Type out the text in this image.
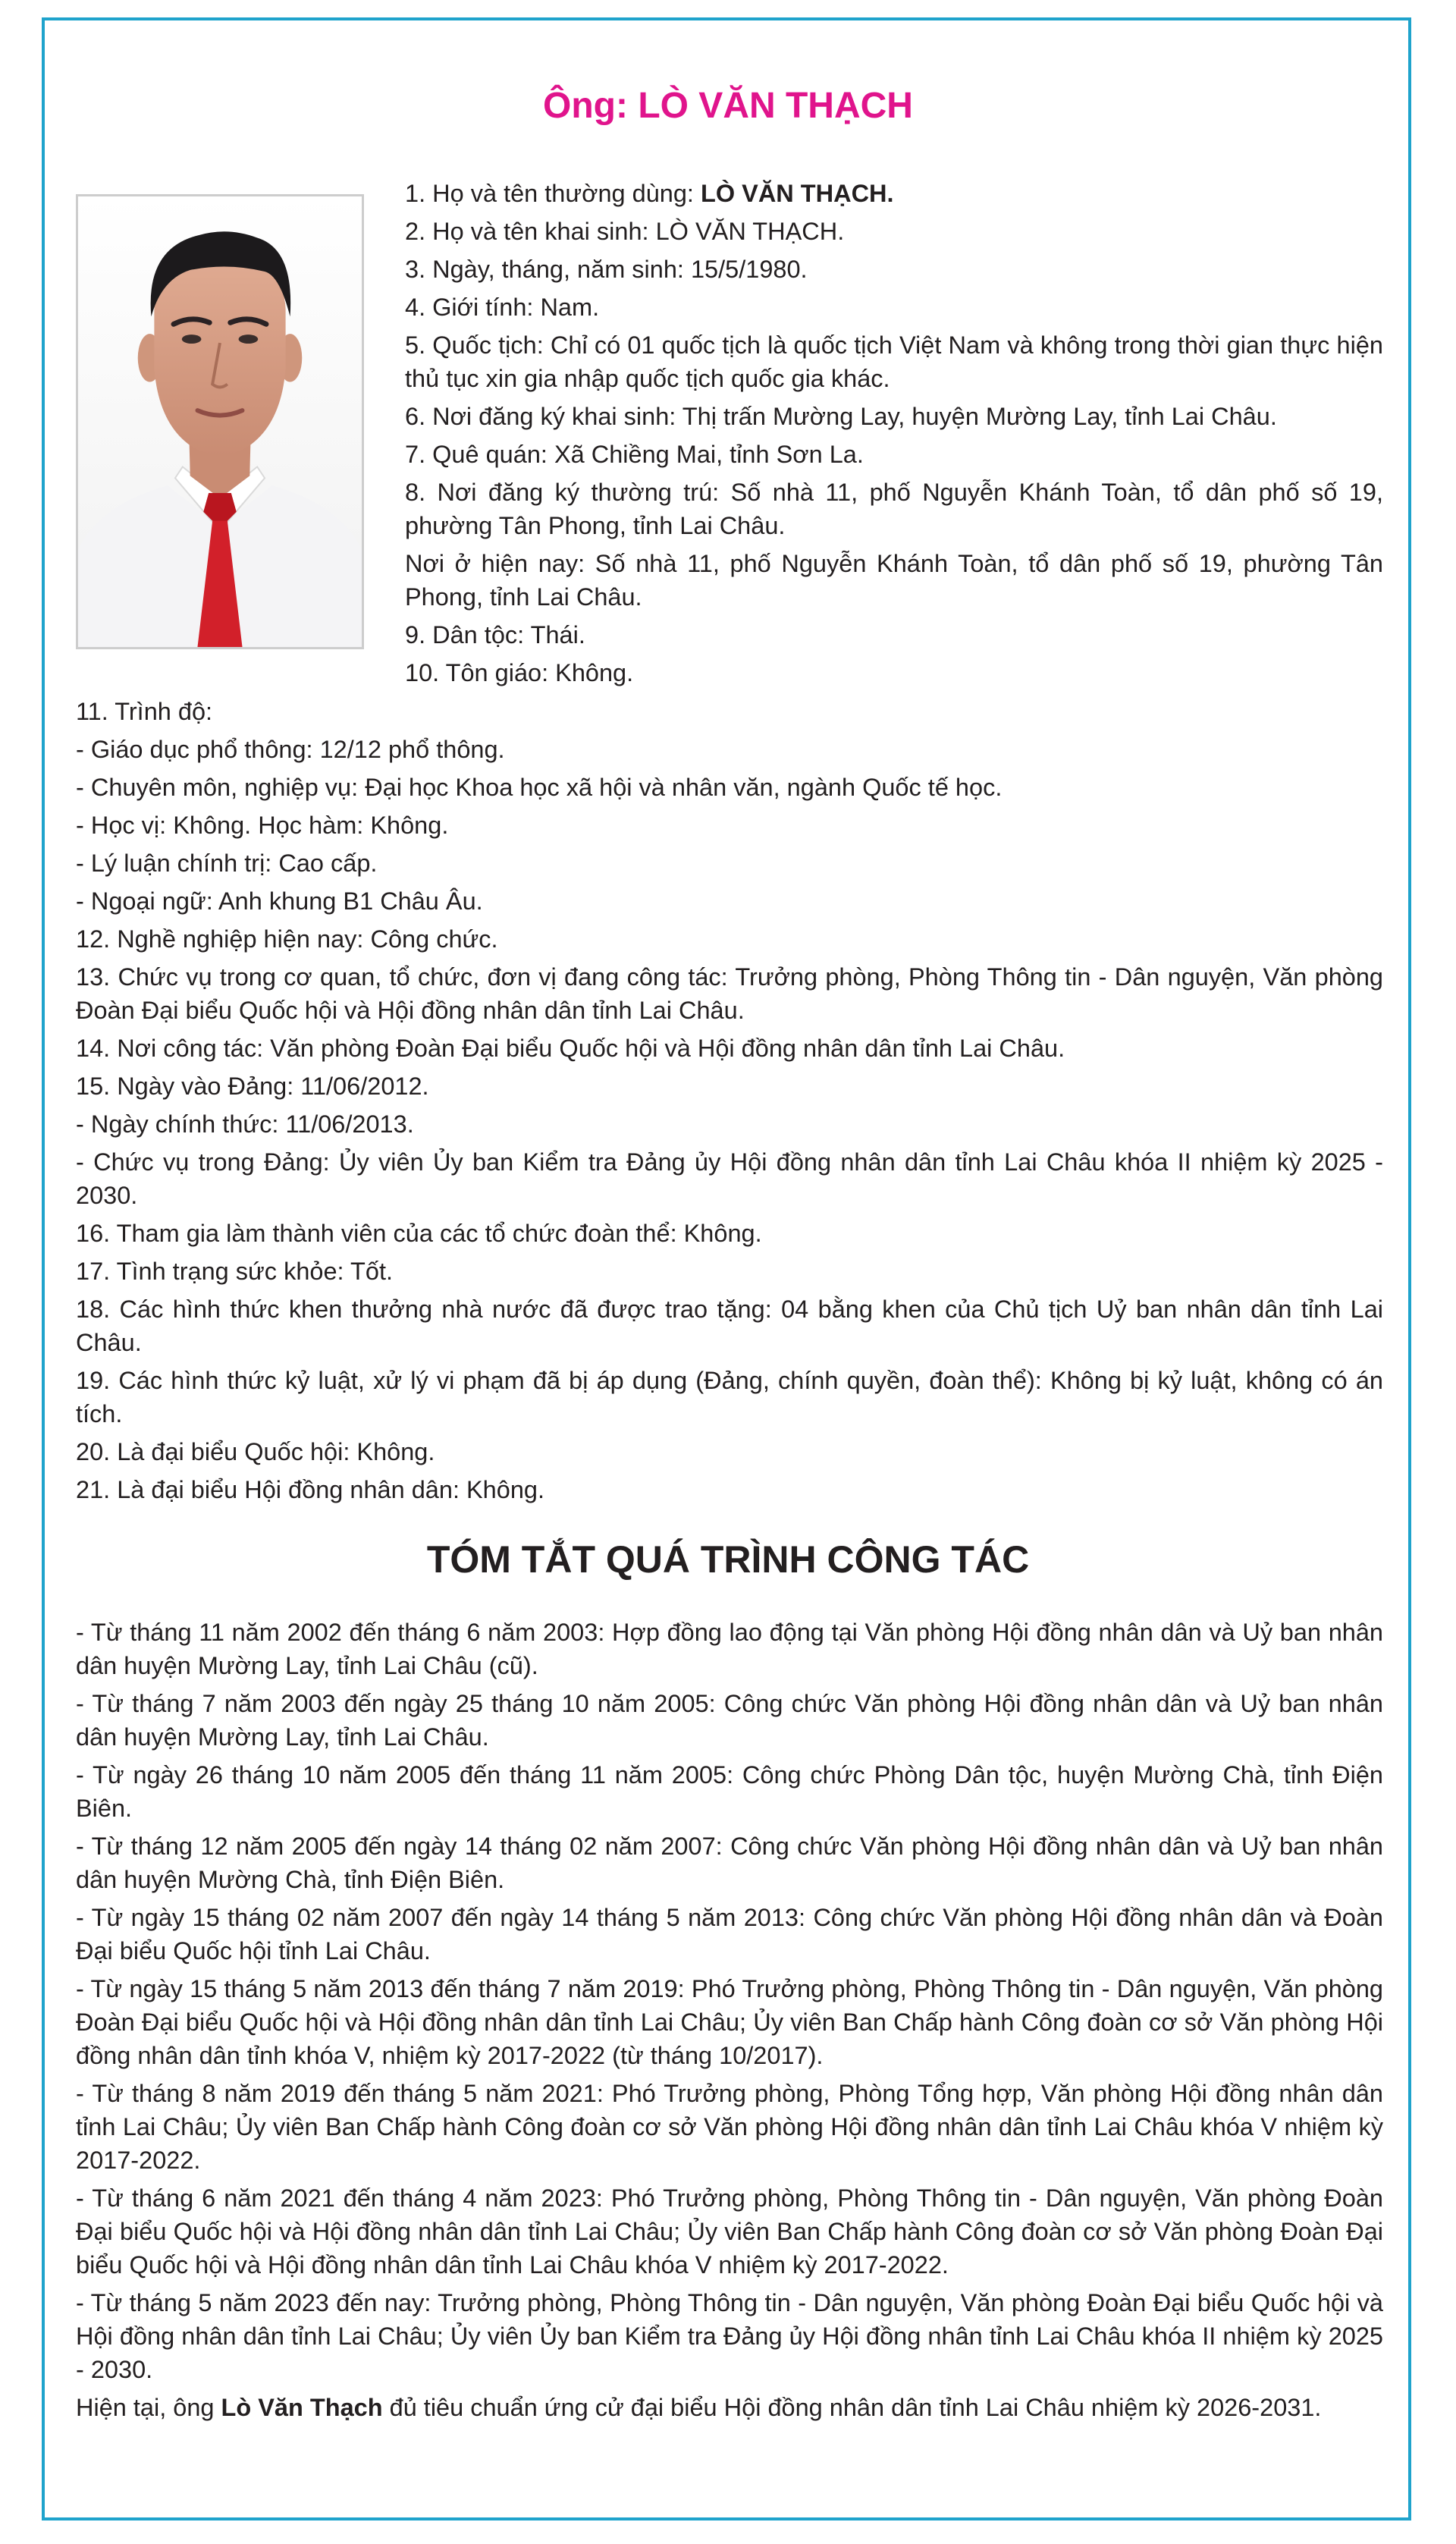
Ông: LÒ VĂN THẠCH
1. Họ và tên thường dùng: LÒ VĂN THẠCH.
2. Họ và tên khai sinh: LÒ VĂN THẠCH.
3. Ngày, tháng, năm sinh: 15/5/1980.
4. Giới tính: Nam.
5. Quốc tịch: Chỉ có 01 quốc tịch là quốc tịch Việt Nam và không trong thời gian thực hiện thủ tục xin gia nhập quốc tịch quốc gia khác.
6. Nơi đăng ký khai sinh: Thị trấn Mường Lay, huyện Mường Lay, tỉnh Lai Châu.
7. Quê quán: Xã Chiềng Mai, tỉnh Sơn La.
8. Nơi đăng ký thường trú: Số nhà 11, phố Nguyễn Khánh Toàn, tổ dân phố số 19, phường Tân Phong, tỉnh Lai Châu.
Nơi ở hiện nay: Số nhà 11, phố Nguyễn Khánh Toàn, tổ dân phố số 19, phường Tân Phong, tỉnh Lai Châu.
9. Dân tộc: Thái.
10. Tôn giáo: Không.
11. Trình độ:
- Giáo dục phổ thông: 12/12 phổ thông.
- Chuyên môn, nghiệp vụ: Đại học Khoa học xã hội và nhân văn, ngành Quốc tế học.
- Học vị: Không. Học hàm: Không.
- Lý luận chính trị: Cao cấp.
- Ngoại ngữ: Anh khung B1 Châu Âu.
12. Nghề nghiệp hiện nay: Công chức.
13. Chức vụ trong cơ quan, tổ chức, đơn vị đang công tác: Trưởng phòng, Phòng Thông tin - Dân nguyện, Văn phòng Đoàn Đại biểu Quốc hội và Hội đồng nhân dân tỉnh Lai Châu.
14. Nơi công tác: Văn phòng Đoàn Đại biểu Quốc hội và Hội đồng nhân dân tỉnh Lai Châu.
15. Ngày vào Đảng: 11/06/2012.
- Ngày chính thức: 11/06/2013.
- Chức vụ trong Đảng: Ủy viên Ủy ban Kiểm tra Đảng ủy Hội đồng nhân dân tỉnh Lai Châu khóa II nhiệm kỳ 2025 - 2030.
16. Tham gia làm thành viên của các tổ chức đoàn thể: Không.
17. Tình trạng sức khỏe: Tốt.
18. Các hình thức khen thưởng nhà nước đã được trao tặng: 04 bằng khen của Chủ tịch Uỷ ban nhân dân tỉnh Lai Châu.
19. Các hình thức kỷ luật, xử lý vi phạm đã bị áp dụng (Đảng, chính quyền, đoàn thể): Không bị kỷ luật, không có án tích.
20. Là đại biểu Quốc hội: Không.
21. Là đại biểu Hội đồng nhân dân: Không.
TÓM TẮT QUÁ TRÌNH CÔNG TÁC
- Từ tháng 11 năm 2002 đến tháng 6 năm 2003: Hợp đồng lao động tại Văn phòng Hội đồng nhân dân và Uỷ ban nhân dân huyện Mường Lay, tỉnh Lai Châu (cũ).
- Từ tháng 7 năm 2003 đến ngày 25 tháng 10 năm 2005: Công chức Văn phòng Hội đồng nhân dân và Uỷ ban nhân dân huyện Mường Lay, tỉnh Lai Châu.
- Từ ngày 26 tháng 10 năm 2005 đến tháng 11 năm 2005: Công chức Phòng Dân tộc, huyện Mường Chà, tỉnh Điện Biên.
- Từ tháng 12 năm 2005 đến ngày 14 tháng 02 năm 2007: Công chức Văn phòng Hội đồng nhân dân và Uỷ ban nhân dân huyện Mường Chà, tỉnh Điện Biên.
- Từ ngày 15 tháng 02 năm 2007 đến ngày 14 tháng 5 năm 2013: Công chức Văn phòng Hội đồng nhân dân và Đoàn Đại biểu Quốc hội tỉnh Lai Châu.
- Từ ngày 15 tháng 5 năm 2013 đến tháng 7 năm 2019: Phó Trưởng phòng, Phòng Thông tin - Dân nguyện, Văn phòng Đoàn Đại biểu Quốc hội và Hội đồng nhân dân tỉnh Lai Châu; Ủy viên Ban Chấp hành Công đoàn cơ sở Văn phòng Hội đồng nhân dân tỉnh khóa V, nhiệm kỳ 2017-2022 (từ tháng 10/2017).
- Từ tháng 8 năm 2019 đến tháng 5 năm 2021: Phó Trưởng phòng, Phòng Tổng hợp, Văn phòng Hội đồng nhân dân tỉnh Lai Châu; Ủy viên Ban Chấp hành Công đoàn cơ sở Văn phòng Hội đồng nhân dân tỉnh Lai Châu khóa V nhiệm kỳ 2017-2022.
- Từ tháng 6 năm 2021 đến tháng 4 năm 2023: Phó Trưởng phòng, Phòng Thông tin - Dân nguyện, Văn phòng Đoàn Đại biểu Quốc hội và Hội đồng nhân dân tỉnh Lai Châu; Ủy viên Ban Chấp hành Công đoàn cơ sở Văn phòng Đoàn Đại biểu Quốc hội và Hội đồng nhân dân tỉnh Lai Châu khóa V nhiệm kỳ 2017-2022.
- Từ tháng 5 năm 2023 đến nay: Trưởng phòng, Phòng Thông tin - Dân nguyện, Văn phòng Đoàn Đại biểu Quốc hội và Hội đồng nhân dân tỉnh Lai Châu; Ủy viên Ủy ban Kiểm tra Đảng ủy Hội đồng nhân tỉnh Lai Châu khóa II nhiệm kỳ 2025 - 2030.
Hiện tại, ông Lò Văn Thạch đủ tiêu chuẩn ứng cử đại biểu Hội đồng nhân dân tỉnh Lai Châu nhiệm kỳ 2026-2031.
